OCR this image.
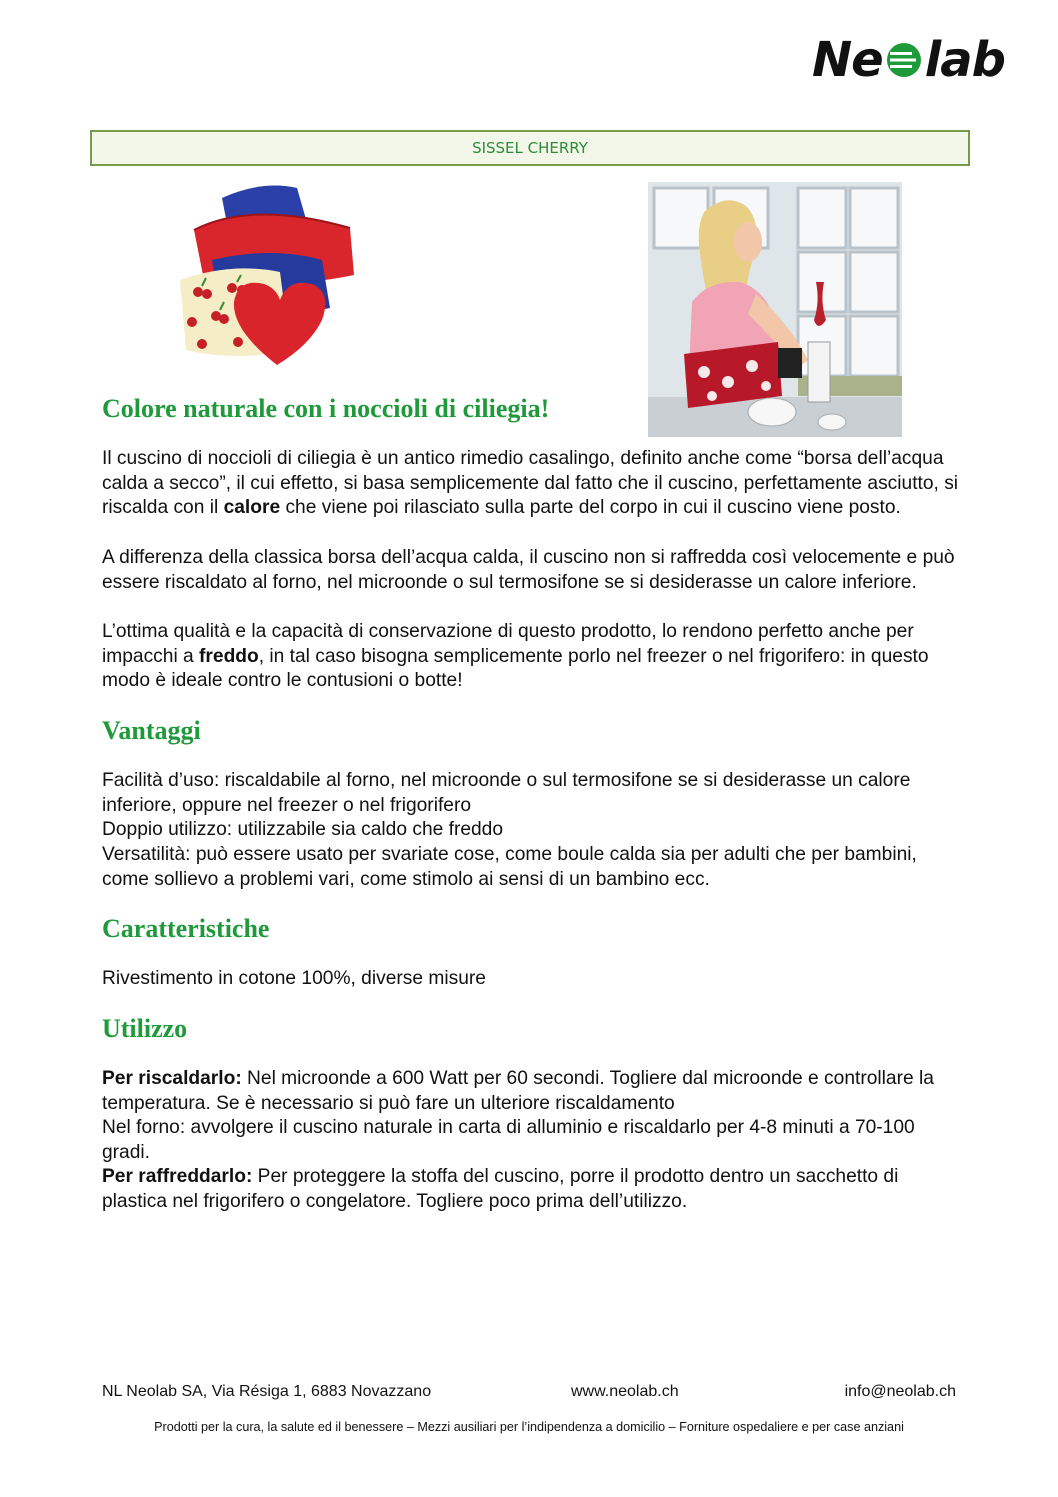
Ne lab
SISSEL CHERRY
Colore naturale con i noccioli di ciliegia!

Il cuscino di noccioli di ciliegia è un antico rimedio casalingo, definito anche come “borsa dell’acqua calda a secco”, il cui effetto, si basa semplicemente dal fatto che il cuscino, perfettamente asciutto, si riscalda con il calore che viene poi rilasciato sulla parte del corpo in cui il cuscino viene posto.

A differenza della classica borsa dell’acqua calda, il cuscino non si raffredda così velocemente e può essere riscaldato al forno, nel microonde o sul termosifone se si desiderasse un calore inferiore.

L’ottima qualità e la capacità di conservazione di questo prodotto, lo rendono perfetto anche per impacchi a freddo, in tal caso bisogna semplicemente porlo nel freezer o nel frigorifero: in questo modo è ideale contro le contusioni o botte!

Vantaggi

Facilità d’uso: riscaldabile al forno, nel microonde o sul termosifone se si desiderasse un calore inferiore, oppure nel freezer o nel frigorifero

Doppio utilizzo: utilizzabile sia caldo che freddo

Versatilità: può essere usato per svariate cose, come boule calda sia per adulti che per bambini, come sollievo a problemi vari, come stimolo ai sensi di un bambino ecc.

Caratteristiche

Rivestimento in cotone 100%, diverse misure

Utilizzo

Per riscaldarlo: Nel microonde a 600 Watt per 60 secondi. Togliere dal microonde e controllare la temperatura. Se è necessario si può fare un ulteriore riscaldamento

Nel forno: avvolgere il cuscino naturale in carta di alluminio e riscaldarlo per 4-8 minuti a 70-100 gradi.

Per raffreddarlo: Per proteggere la stoffa del cuscino, porre il prodotto dentro un sacchetto di plastica nel frigorifero o congelatore. Togliere poco prima dell’utilizzo.

NL Neolab SA, Via Résiga 1, 6883 Novazzano	www.neolab.ch	info@neolab.ch
Prodotti per la cura, la salute ed il benessere – Mezzi ausiliari per l’indipendenza a domicilio – Forniture ospedaliere e per case anziani
